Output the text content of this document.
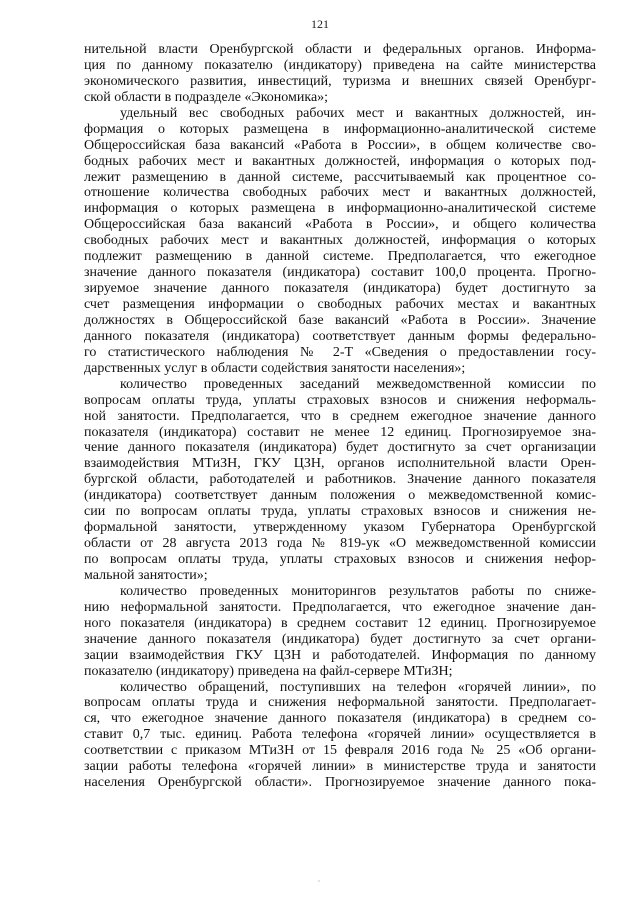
121
нительной власти Оренбургской области и федеральных органов. Информа-
ция по данному показателю (индикатору) приведена на сайте министерства
экономического развития, инвестиций, туризма и внешних связей Оренбург-
ской области в подразделе «Экономика»;
удельный вес свободных рабочих мест и вакантных должностей, ин-
формация о которых размещена в информационно-аналитической системе
Общероссийская база вакансий «Работа в России», в общем количестве сво-
бодных рабочих мест и вакантных должностей, информация о которых под-
лежит размещению в данной системе, рассчитываемый как процентное со-
отношение количества свободных рабочих мест и вакантных должностей,
информация о которых размещена в информационно-аналитической системе
Общероссийская база вакансий «Работа в России», и общего количества
свободных рабочих мест и вакантных должностей, информация о которых
подлежит размещению в данной системе. Предполагается, что ежегодное
значение данного показателя (индикатора) составит 100,0 процента. Прогно-
зируемое значение данного показателя (индикатора) будет достигнуто за
счет размещения информации о свободных рабочих местах и вакантных
должностях в Общероссийской базе вакансий «Работа в России». Значение
данного показателя (индикатора) соответствует данным формы федерально-
го статистического наблюдения № 2-Т «Сведения о предоставлении госу-
дарственных услуг в области содействия занятости населения»;
количество проведенных заседаний межведомственной комиссии по
вопросам оплаты труда, уплаты страховых взносов и снижения неформаль-
ной занятости. Предполагается, что в среднем ежегодное значение данного
показателя (индикатора) составит не менее 12 единиц. Прогнозируемое зна-
чение данного показателя (индикатора) будет достигнуто за счет организации
взаимодействия МТиЗН, ГКУ ЦЗН, органов исполнительной власти Орен-
бургской области, работодателей и работников. Значение данного показателя
(индикатора) соответствует данным положения о межведомственной комис-
сии по вопросам оплаты труда, уплаты страховых взносов и снижения не-
формальной занятости, утвержденному указом Губернатора Оренбургской
области от 28 августа 2013 года № 819-ук «О межведомственной комиссии
по вопросам оплаты труда, уплаты страховых взносов и снижения нефор-
мальной занятости»;
количество проведенных мониторингов результатов работы по сниже-
нию неформальной занятости. Предполагается, что ежегодное значение дан-
ного показателя (индикатора) в среднем составит 12 единиц. Прогнозируемое
значение данного показателя (индикатора) будет достигнуто за счет органи-
зации взаимодействия ГКУ ЦЗН и работодателей. Информация по данному
показателю (индикатору) приведена на файл-сервере МТиЗН;
количество обращений, поступивших на телефон «горячей линии», по
вопросам оплаты труда и снижения неформальной занятости. Предполагает-
ся, что ежегодное значение данного показателя (индикатора) в среднем со-
ставит 0,7 тыс. единиц. Работа телефона «горячей линии» осуществляется в
соответствии с приказом МТиЗН от 15 февраля 2016 года № 25 «Об органи-
зации работы телефона «горячей линии» в министерстве труда и занятости
населения Оренбургской области». Прогнозируемое значение данного пока-
